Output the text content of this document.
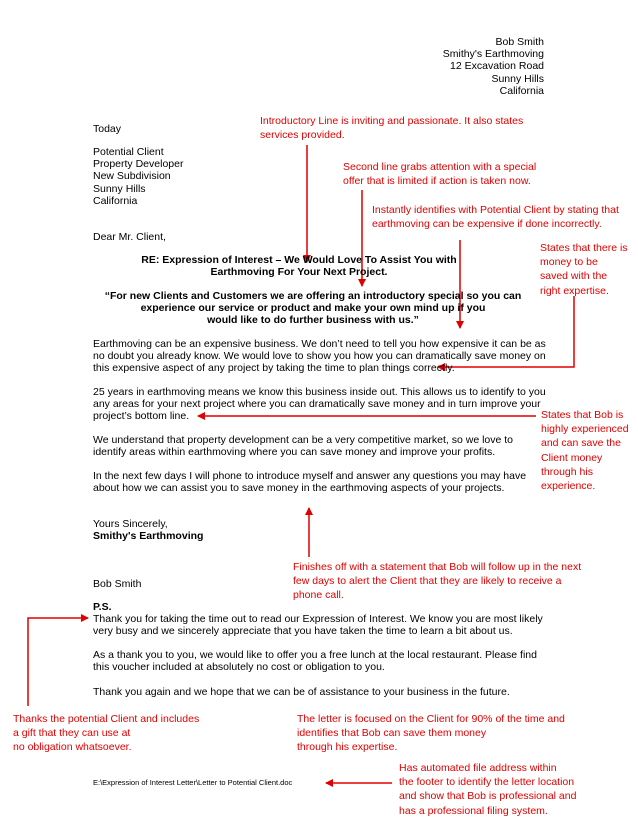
Bob Smith
Smithy's Earthmoving
12 Excavation Road
Sunny Hills
California
Today
Potential Client
Property Developer
New Subdivision
Sunny Hills
California
Dear Mr. Client,
RE: Expression of Interest – We Would Love To Assist You with
Earthmoving For Your Next Project.
“For new Clients and Customers we are offering an introductory special so you can
experience our service or product and make your own mind up if you
would like to do further business with us.”
Earthmoving can be an expensive business. We don’t need to tell you how expensive it can be as
no doubt you already know. We would love to show you how you can dramatically save money on
this expensive aspect of any project by taking the time to plan things correctly.
25 years in earthmoving means we know this business inside out. This allows us to identify to you
any areas for your next project where you can dramatically save money and in turn improve your
project’s bottom line.
We understand that property development can be a very competitive market, so we love to
identify areas within earthmoving where you can save money and improve your profits.
In the next few days I will phone to introduce myself and answer any questions you may have
about how we can assist you to save money in the earthmoving aspects of your projects.
Yours Sincerely,
Smithy's Earthmoving
Bob Smith
P.S.
Thank you for taking the time out to read our Expression of Interest. We know you are most likely
very busy and we sincerely appreciate that you have taken the time to learn a bit about us.
As a thank you to you, we would like to offer you a free lunch at the local restaurant. Please find
this voucher included at absolutely no cost or obligation to you.
Thank you again and we hope that we can be of assistance to your business in the future.
E:\Expression of Interest Letter\Letter to Potential Client.doc
Introductory Line is inviting and passionate. It also states
services provided.
Second line grabs attention with a special
offer that is limited if action is taken now.
Instantly identifies with Potential Client by stating that
earthmoving can be expensive if done incorrectly.
States that there is
money to be
saved with the
right expertise.
States that Bob is
highly experienced
and can save the
Client money
through his
experience.
Finishes off with a statement that Bob will follow up in the next
few days to alert the Client that they are likely to receive a
phone call.
Thanks the potential Client and includes
a gift that they can use at
no obligation whatsoever.
The letter is focused on the Client for 90% of the time and
identifies that Bob can save them money
through his expertise.
Has automated file address within
the footer to identify the letter location
and show that Bob is professional and
has a professional filing system.
